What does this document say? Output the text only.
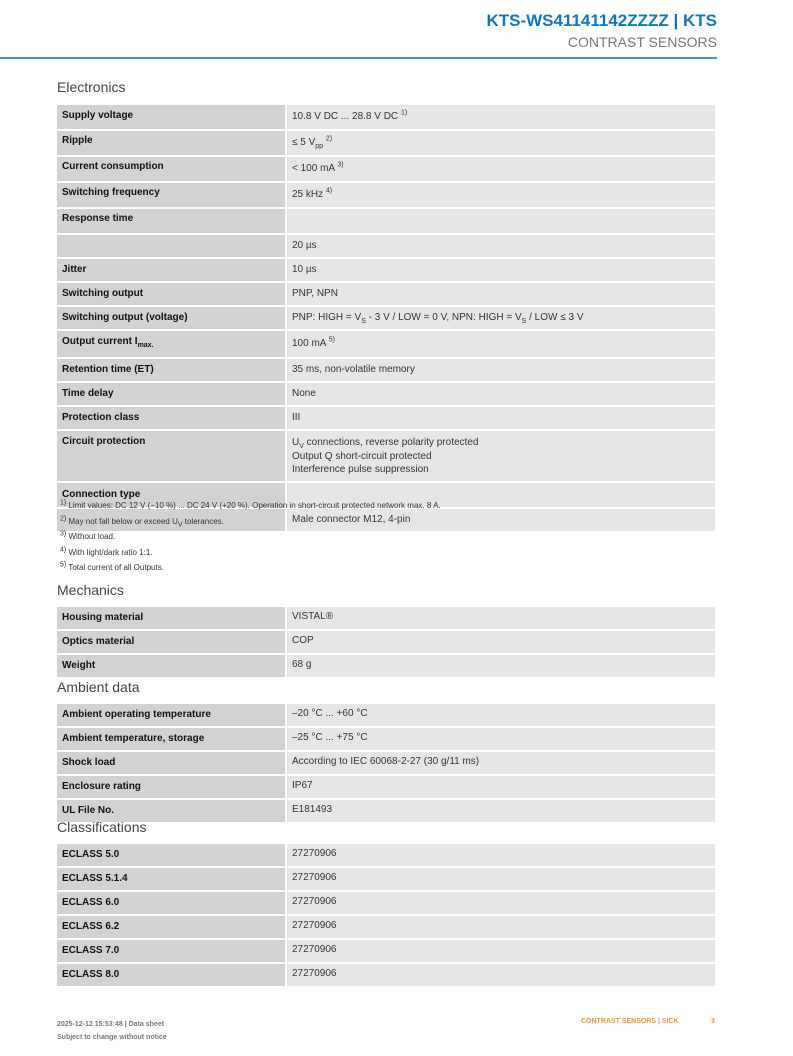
KTS-WS41141142ZZZZ | KTS
CONTRAST SENSORS
Electronics
Supply voltage	10.8 V DC ... 28.8 V DC $^{1)}$
Ripple	≤ 5 $V_{pp}$ $^{2)}$
Current consumption	< 100 mA $^{3)}$
Switching frequency	25 kHz $^{4)}$
Response time	
	20 µs
Jitter	10 µs
Switching output	PNP, NPN
Switching output (voltage)	PNP: HIGH = $V_S - 3$ V / LOW = 0 V, NPN: HIGH = $V_S$ / LOW ≤ 3 V
Output current $I_{max.}$	100 mA $^{5)}$
Retention time (ET)	35 ms, non-volatile memory
Time delay	None
Protection class	III
Circuit protection	$U_V$ connections, reverse polarity protected
Output Q short-circuit protected
Interference pulse suppression

Connection type	
	Male connector M12, 4-pin
$^{1)}$ Limit values: DC 12 V (−10 %) ... DC 24 V (+20 %). Operation in short-circuit protected network max. 8 A.
$^{2)}$ May not fall below or exceed $U_V$ tolerances.
$^{3)}$ Without load.
$^{4)}$ With light/dark ratio 1:1.
$^{5)}$ Total current of all Outputs.
Mechanics
Housing material	VISTAL®
Optics material	COP
Weight	68 g
Ambient data
Ambient operating temperature	–20 °C ... +60 °C
Ambient temperature, storage	–25 °C ... +75 °C
Shock load	According to IEC 60068-2-27 (30 g/11 ms)
Enclosure rating	IP67
UL File No.	E181493
Classifications
ECLASS 5.0	27270906
ECLASS 5.1.4	27270906
ECLASS 6.0	27270906
ECLASS 6.2	27270906
ECLASS 7.0	27270906
ECLASS 8.0	27270906
2025-12-12 15:53:48 | Data sheet
Subject to change without notice
CONTRAST SENSORS | SICK	3
